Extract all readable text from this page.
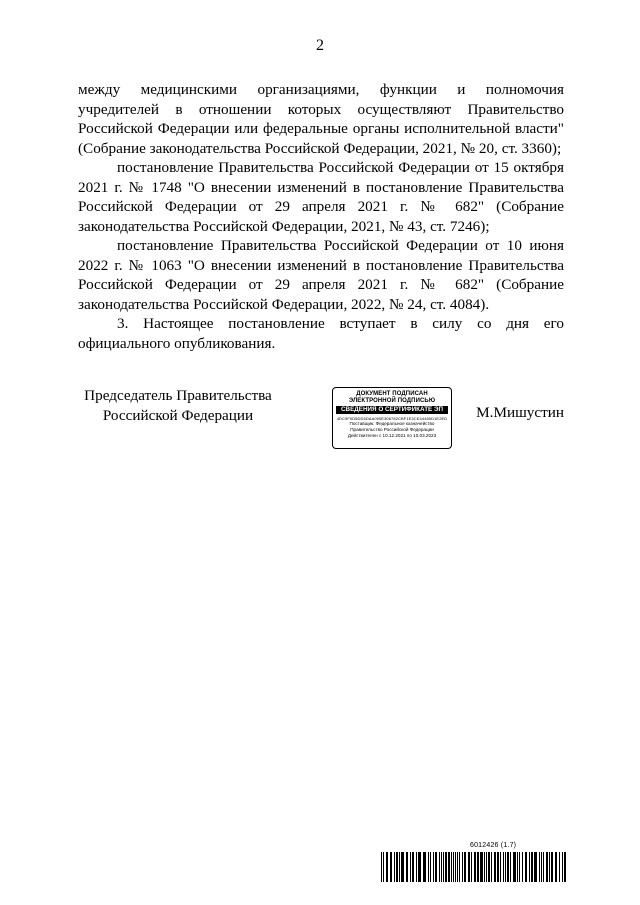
2

между медицинскими организациями, функции и полномочия учредителей в отношении которых осуществляют Правительство Российской Федерации или федеральные органы исполнительной власти" (Собрание законодательства Российской Федерации, 2021, № 20, ст. 3360);

постановление Правительства Российской Федерации от 15 октября 2021 г. № 1748 "О внесении изменений в постановление Правительства Российской Федерации от 29 апреля 2021 г. № 682" (Собрание законодательства Российской Федерации, 2021, № 43, ст. 7246);

постановление Правительства Российской Федерации от 10 июня 2022 г. № 1063 "О внесении изменений в постановление Правительства Российской Федерации от 29 апреля 2021 г. № 682" (Собрание законодательства Российской Федерации, 2022, № 24, ст. 4084).

3. Настоящее постановление вступает в силу со дня его официального опубликования.

Председатель Правительства
Российской Федерации
ДОКУМЕНТ ПОДПИСАН
ЭЛЕКТРОННОЙ ПОДПИСЬЮ
СВЕДЕНИЯ О СЕРТИФИКАТЕ ЭП
4DC9F0D5DD5DAA090E306782CBF1E3CE44480D1E2ED
Поставщик: Федеральное казначейство
Правительство Российской Федерации
Действителен с 10.12.2021 по 10.03.2023
М.Мишустин
6012426 (1.7)
